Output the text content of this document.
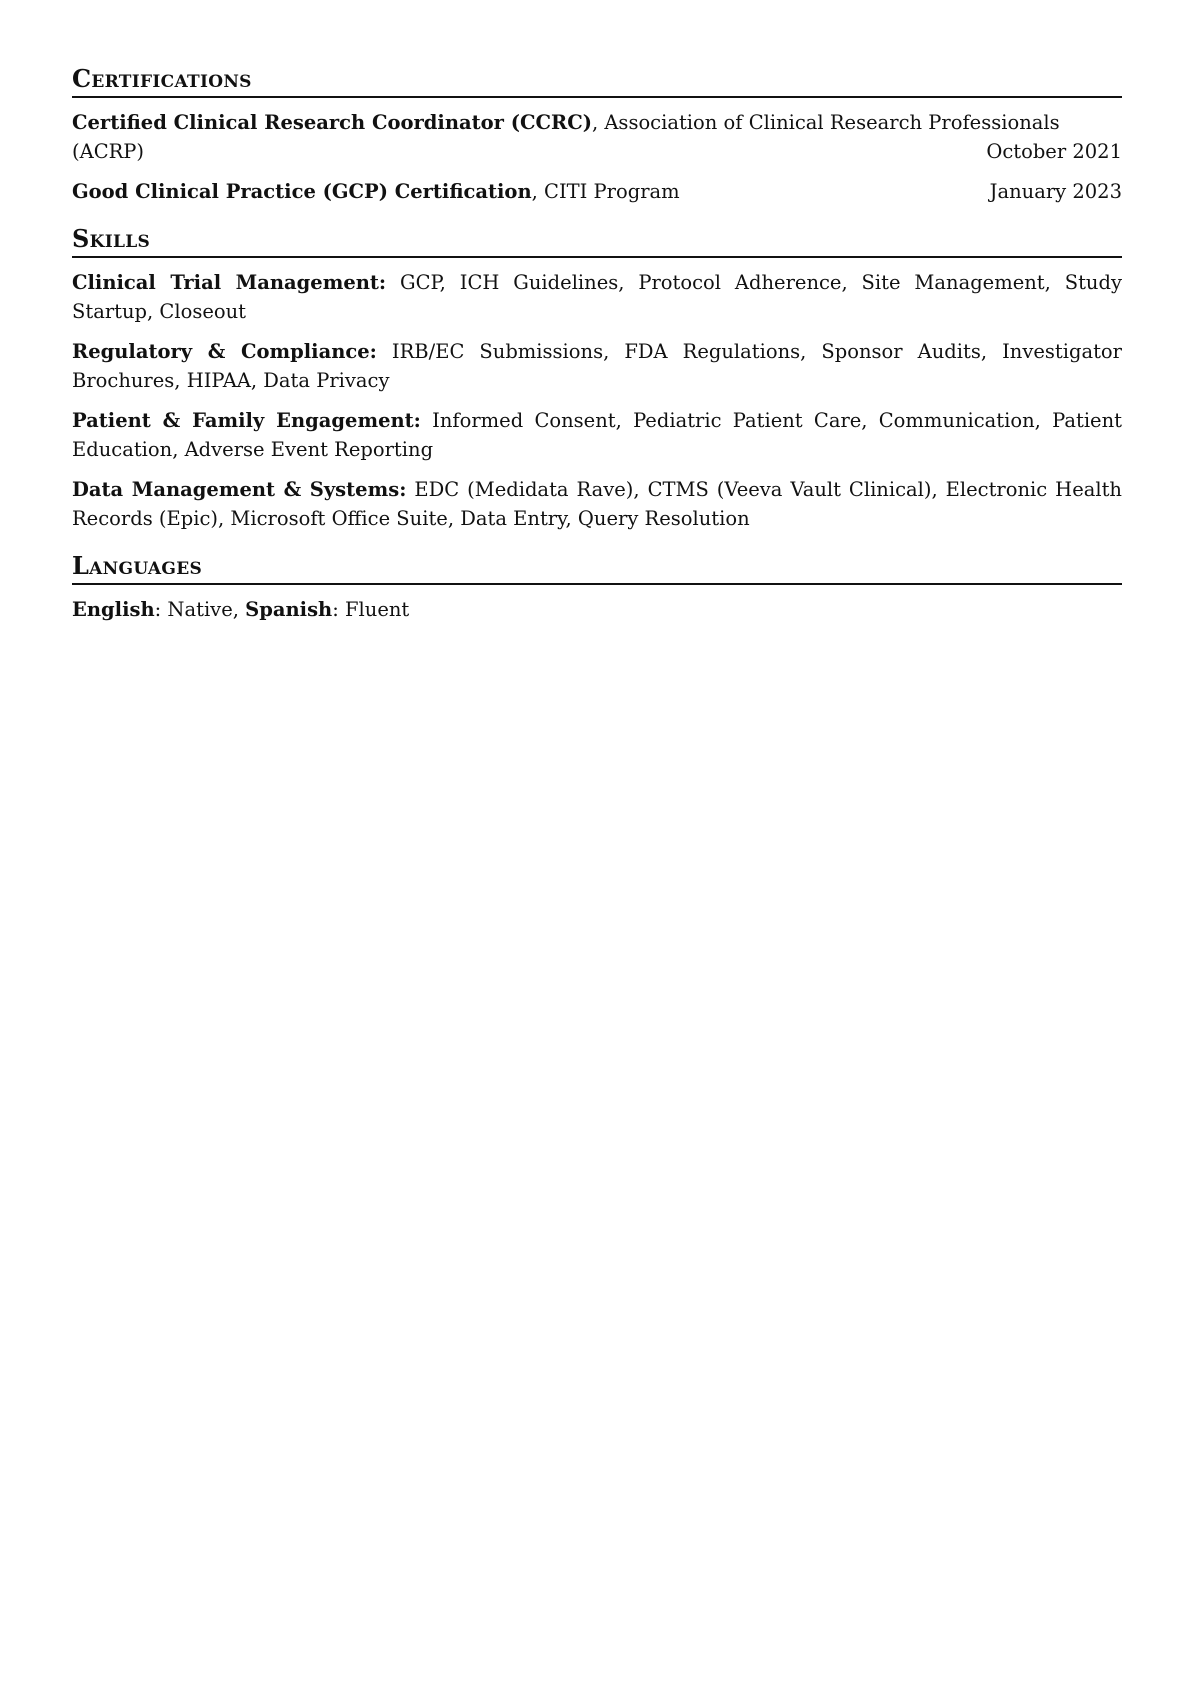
Certifications
Certified Clinical Research Coordinator (CCRC), Association of Clinical Research Professionals
(ACRP)	October 2021
Good Clinical Practice (GCP) Certification, CITI Program	January 2023
Skills
Clinical Trial Management: GCP, ICH Guidelines, Protocol Adherence, Site Management, Study Startup, Closeout
Regulatory & Compliance: IRB/EC Submissions, FDA Regulations, Sponsor Audits, Investigator Brochures, HIPAA, Data Privacy
Patient & Family Engagement: Informed Consent, Pediatric Patient Care, Communication, Patient Education, Adverse Event Reporting
Data Management & Systems: EDC (Medidata Rave), CTMS (Veeva Vault Clinical), Electronic Health Records (Epic), Microsoft Office Suite, Data Entry, Query Resolution
Languages
English: Native, Spanish: Fluent
